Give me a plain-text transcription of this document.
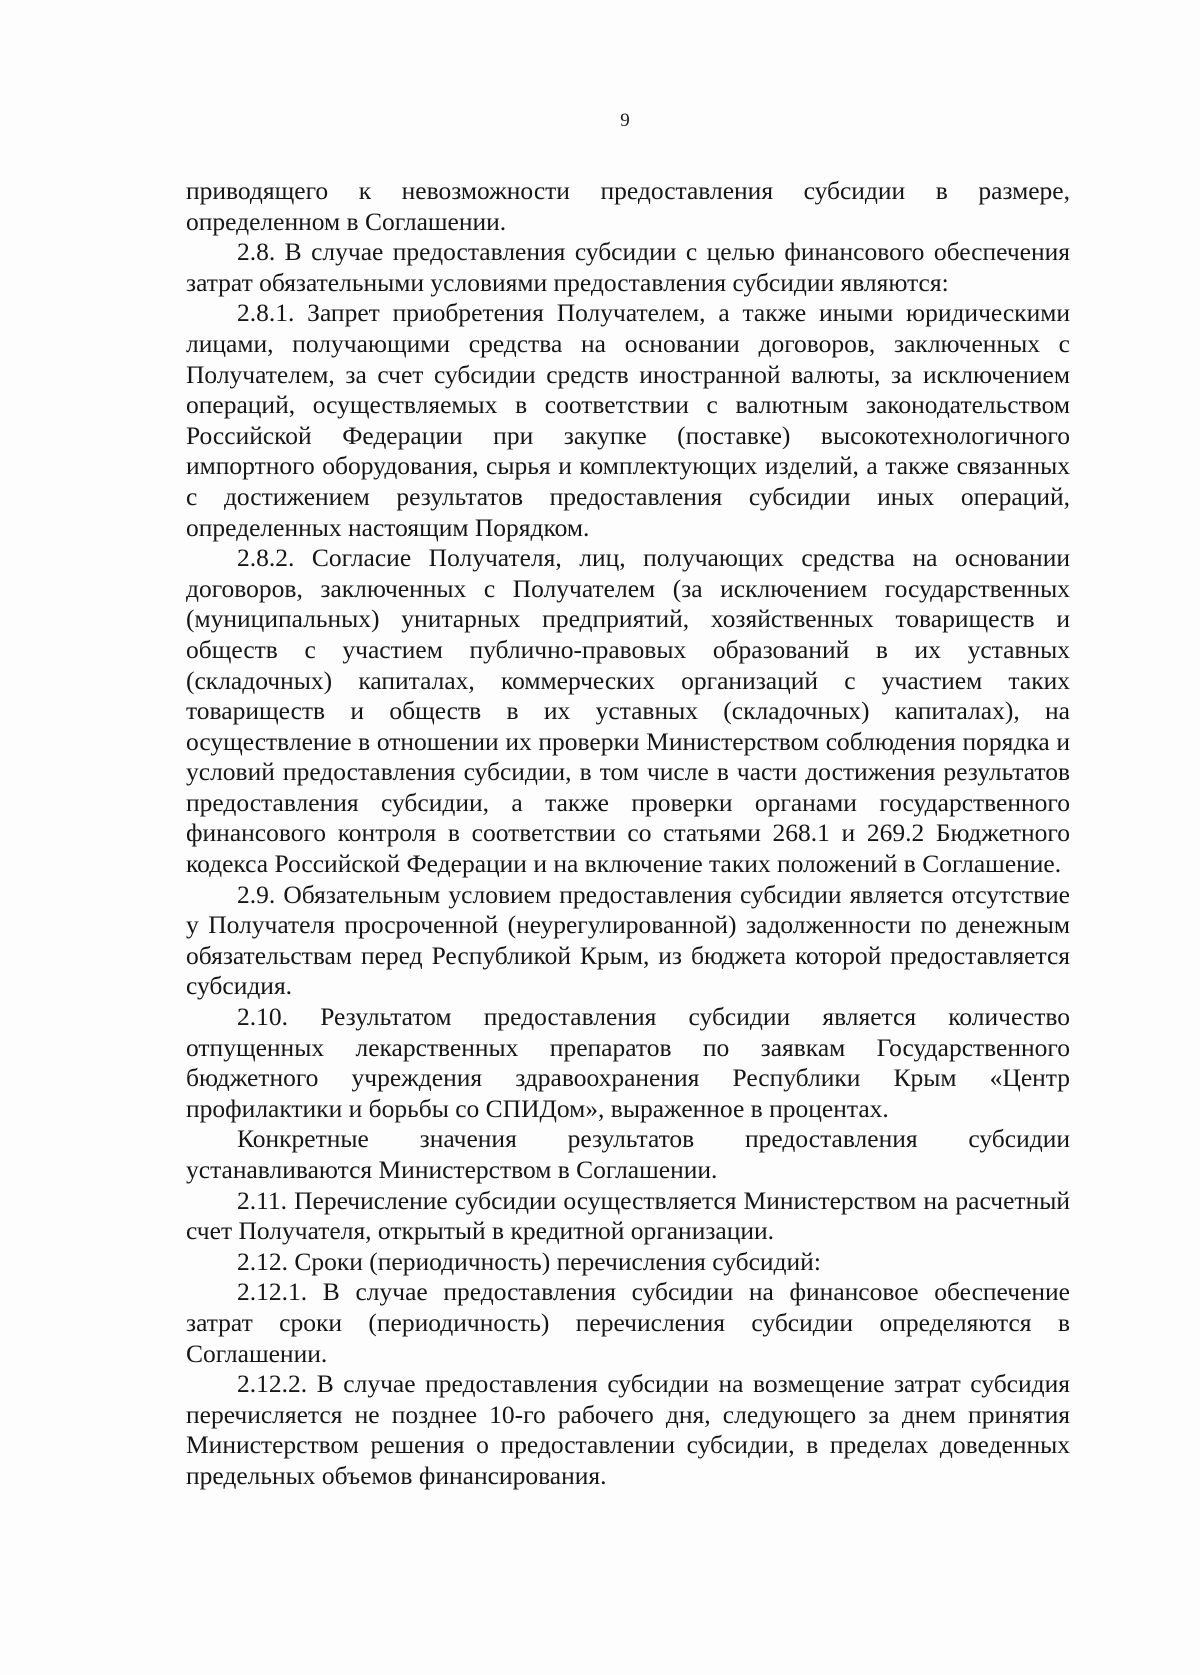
9

приводящего к невозможности предоставления субсидии в размере, определенном в Соглашении.

2.8. В случае предоставления субсидии с целью финансового обеспечения затрат обязательными условиями предоставления субсидии являются:

2.8.1. Запрет приобретения Получателем, а также иными юридическими лицами, получающими средства на основании договоров, заключенных с Получателем, за счет субсидии средств иностранной валюты, за исключением операций, осуществляемых в соответствии с валютным законодательством Российской Федерации при закупке (поставке) высокотехнологичного импортного оборудования, сырья и комплектующих изделий, а также связанных с достижением результатов предоставления субсидии иных операций, определенных настоящим Порядком.

2.8.2. Согласие Получателя, лиц, получающих средства на основании договоров, заключенных с Получателем (за исключением государственных (муниципальных) унитарных предприятий, хозяйственных товариществ и обществ с участием публично-правовых образований в их уставных (складочных) капиталах, коммерческих организаций с участием таких товариществ и обществ в их уставных (складочных) капиталах), на осуществление в отношении их проверки Министерством соблюдения порядка и условий предоставления субсидии, в том числе в части достижения результатов предоставления субсидии, а также проверки органами государственного финансового контроля в соответствии со статьями 268.1 и 269.2 Бюджетного кодекса Российской Федерации и на включение таких положений в Соглашение.

2.9. Обязательным условием предоставления субсидии является отсутствие у Получателя просроченной (неурегулированной) задолженности по денежным обязательствам перед Республикой Крым, из бюджета которой предоставляется субсидия.

2.10. Результатом предоставления субсидии является количество отпущенных лекарственных препаратов по заявкам Государственного бюджетного учреждения здравоохранения Республики Крым «Центр профилактики и борьбы со СПИДом», выраженное в процентах.

Конкретные значения результатов предоставления субсидии устанавливаются Министерством в Соглашении.

2.11. Перечисление субсидии осуществляется Министерством на расчетный счет Получателя, открытый в кредитной организации.

2.12. Сроки (периодичность) перечисления субсидий:

2.12.1. В случае предоставления субсидии на финансовое обеспечение затрат сроки (периодичность) перечисления субсидии определяются в Соглашении.

2.12.2. В случае предоставления субсидии на возмещение затрат субсидия перечисляется не позднее 10-го рабочего дня, следующего за днем принятия Министерством решения о предоставлении субсидии, в пределах доведенных предельных объемов финансирования.
